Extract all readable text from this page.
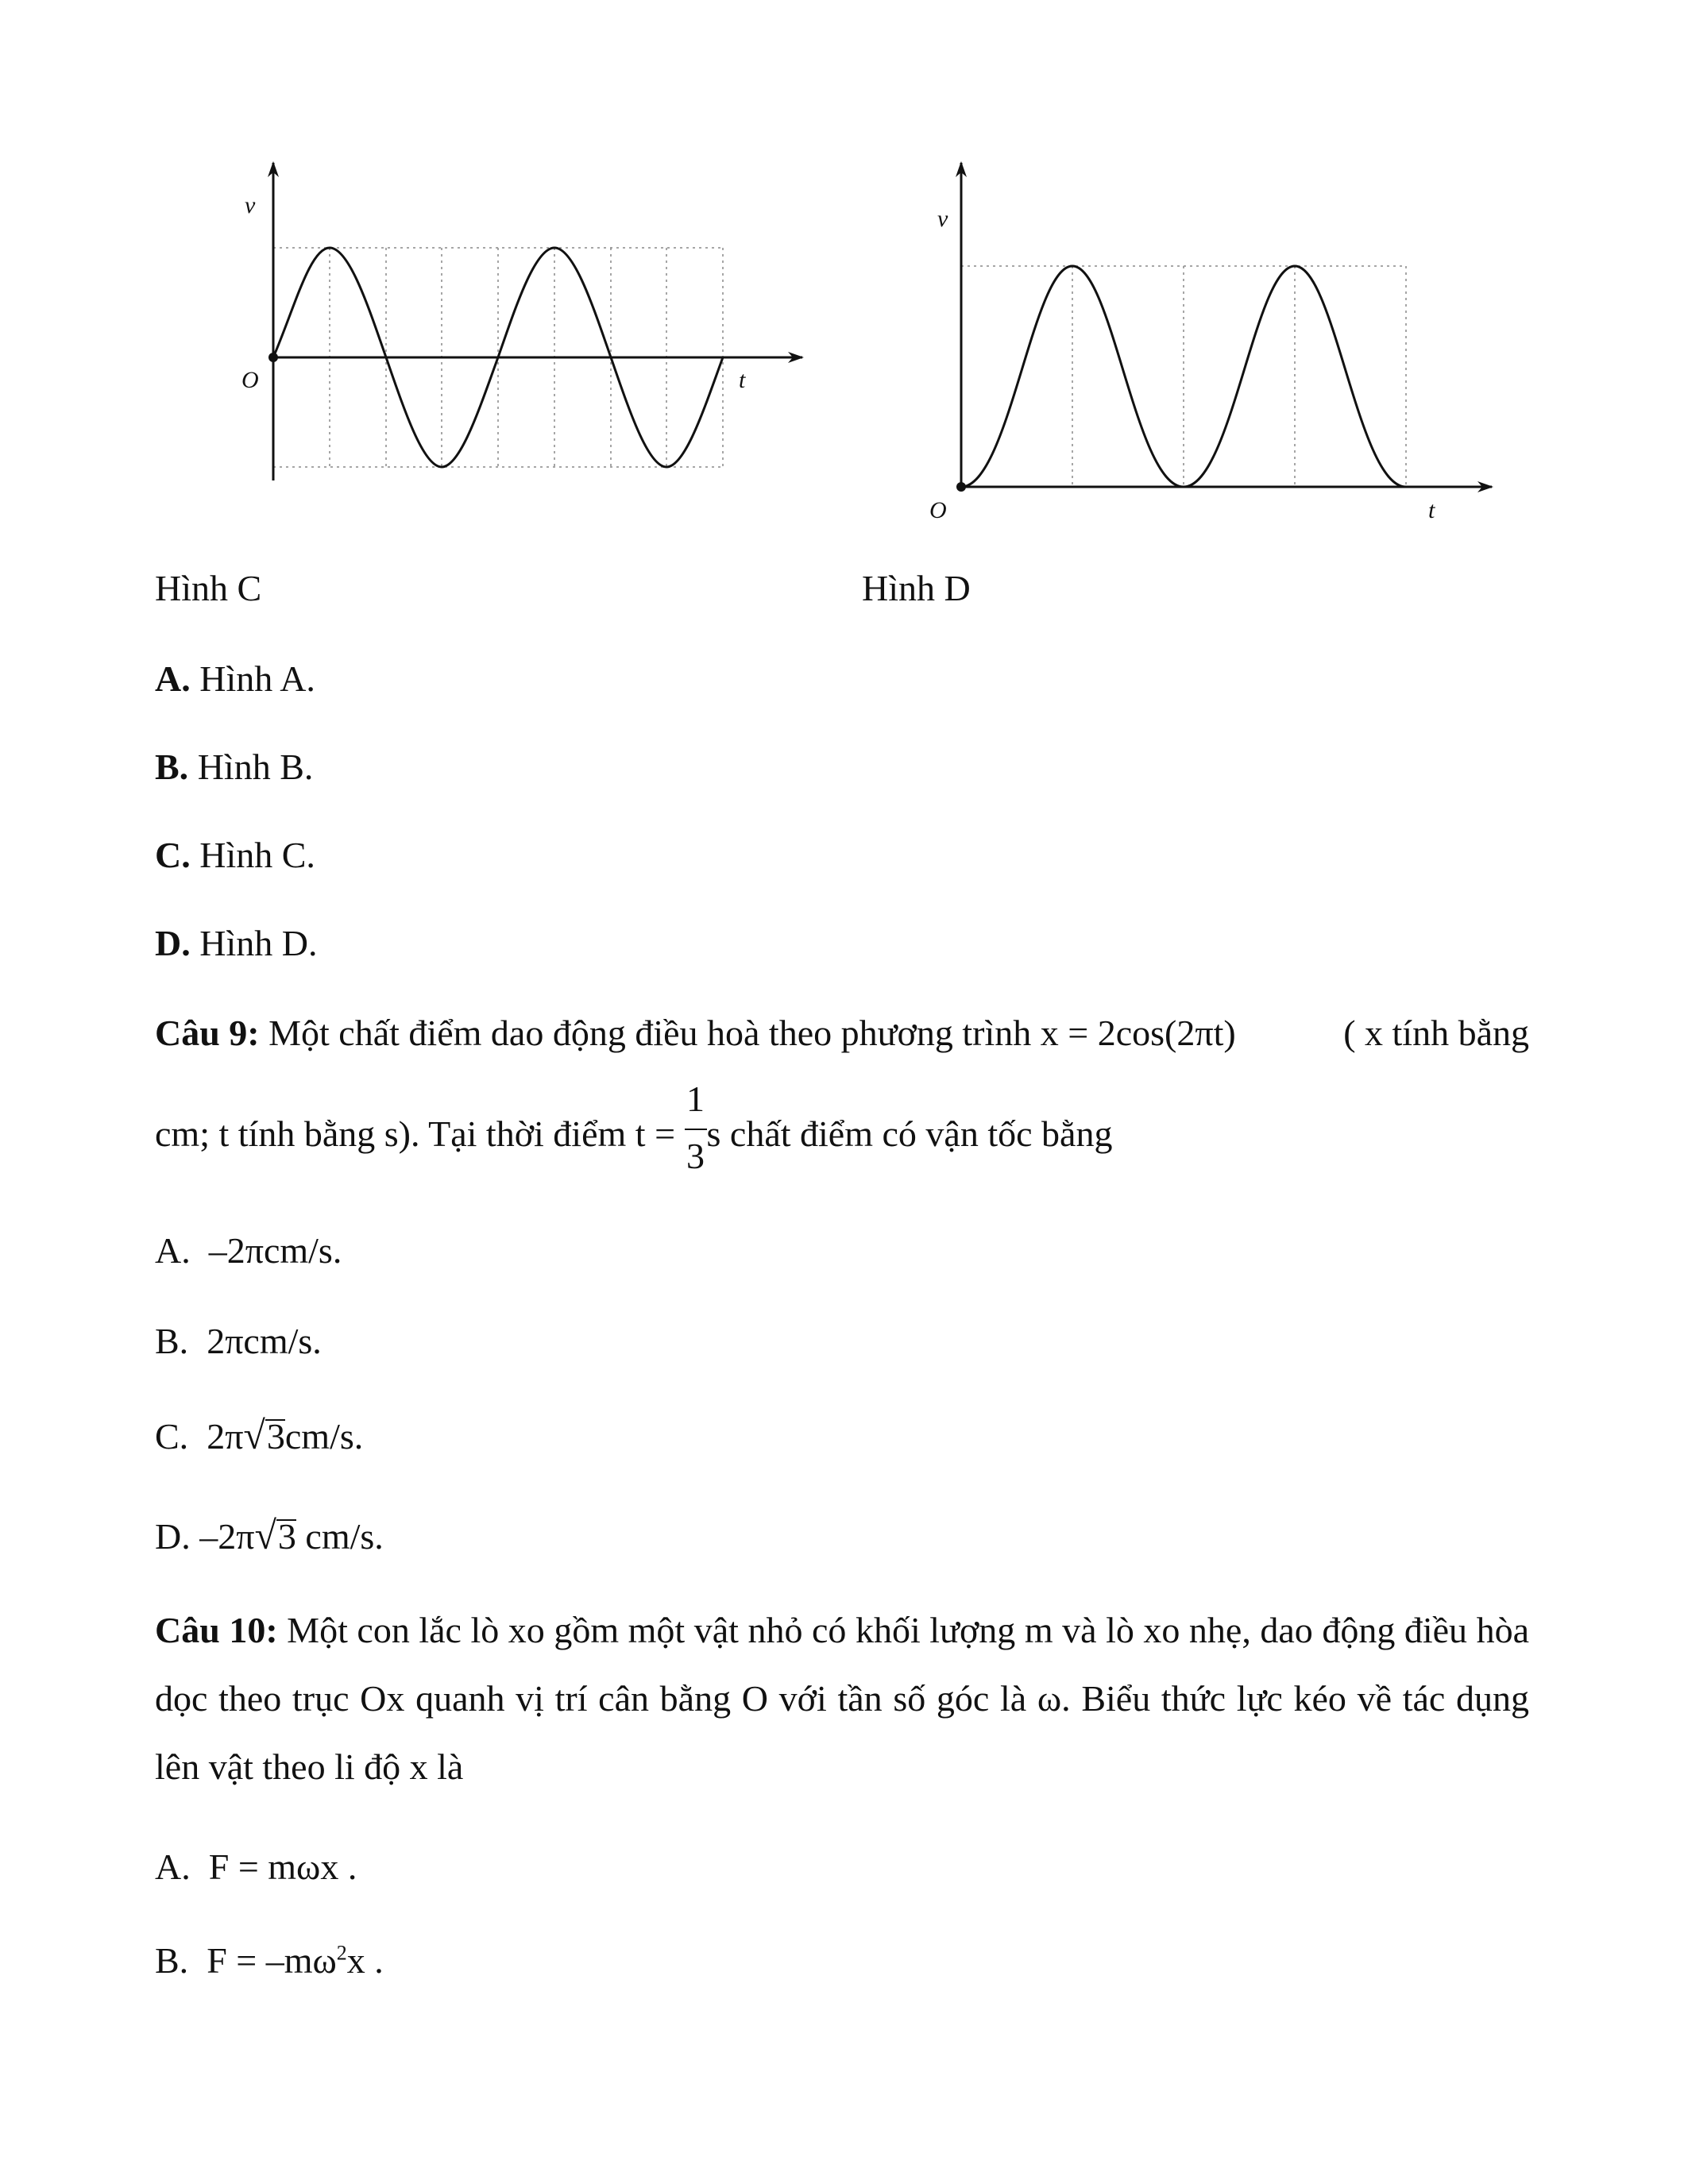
v
O	t
v
O	t
Hình C	Hình D
A. Hình A.
B. Hình B.
C. Hình C.
D. Hình D.
Câu 9: Một chất điểm dao động điều hoà theo phương trình x = 2cos(2πt)	( x tính bằng
cm; t tính bằng s). Tại thời điểm $t = \frac{1}{3}$ s chất điểm có vận tốc bằng
A. –2πcm/s.
B. 2πcm/s.
C. 2π√3cm/s.
D. –2π√3 cm/s.
Câu 10: Một con lắc lò xo gồm một vật nhỏ có khối lượng m và lò xo nhẹ, dao động điều hòa dọc theo trục Ox quanh vị trí cân bằng O với tần số góc là ω. Biểu thức lực kéo về tác dụng lên vật theo li độ x là
A. F = mωx .
B. $F = -m\omega^2x$ .
